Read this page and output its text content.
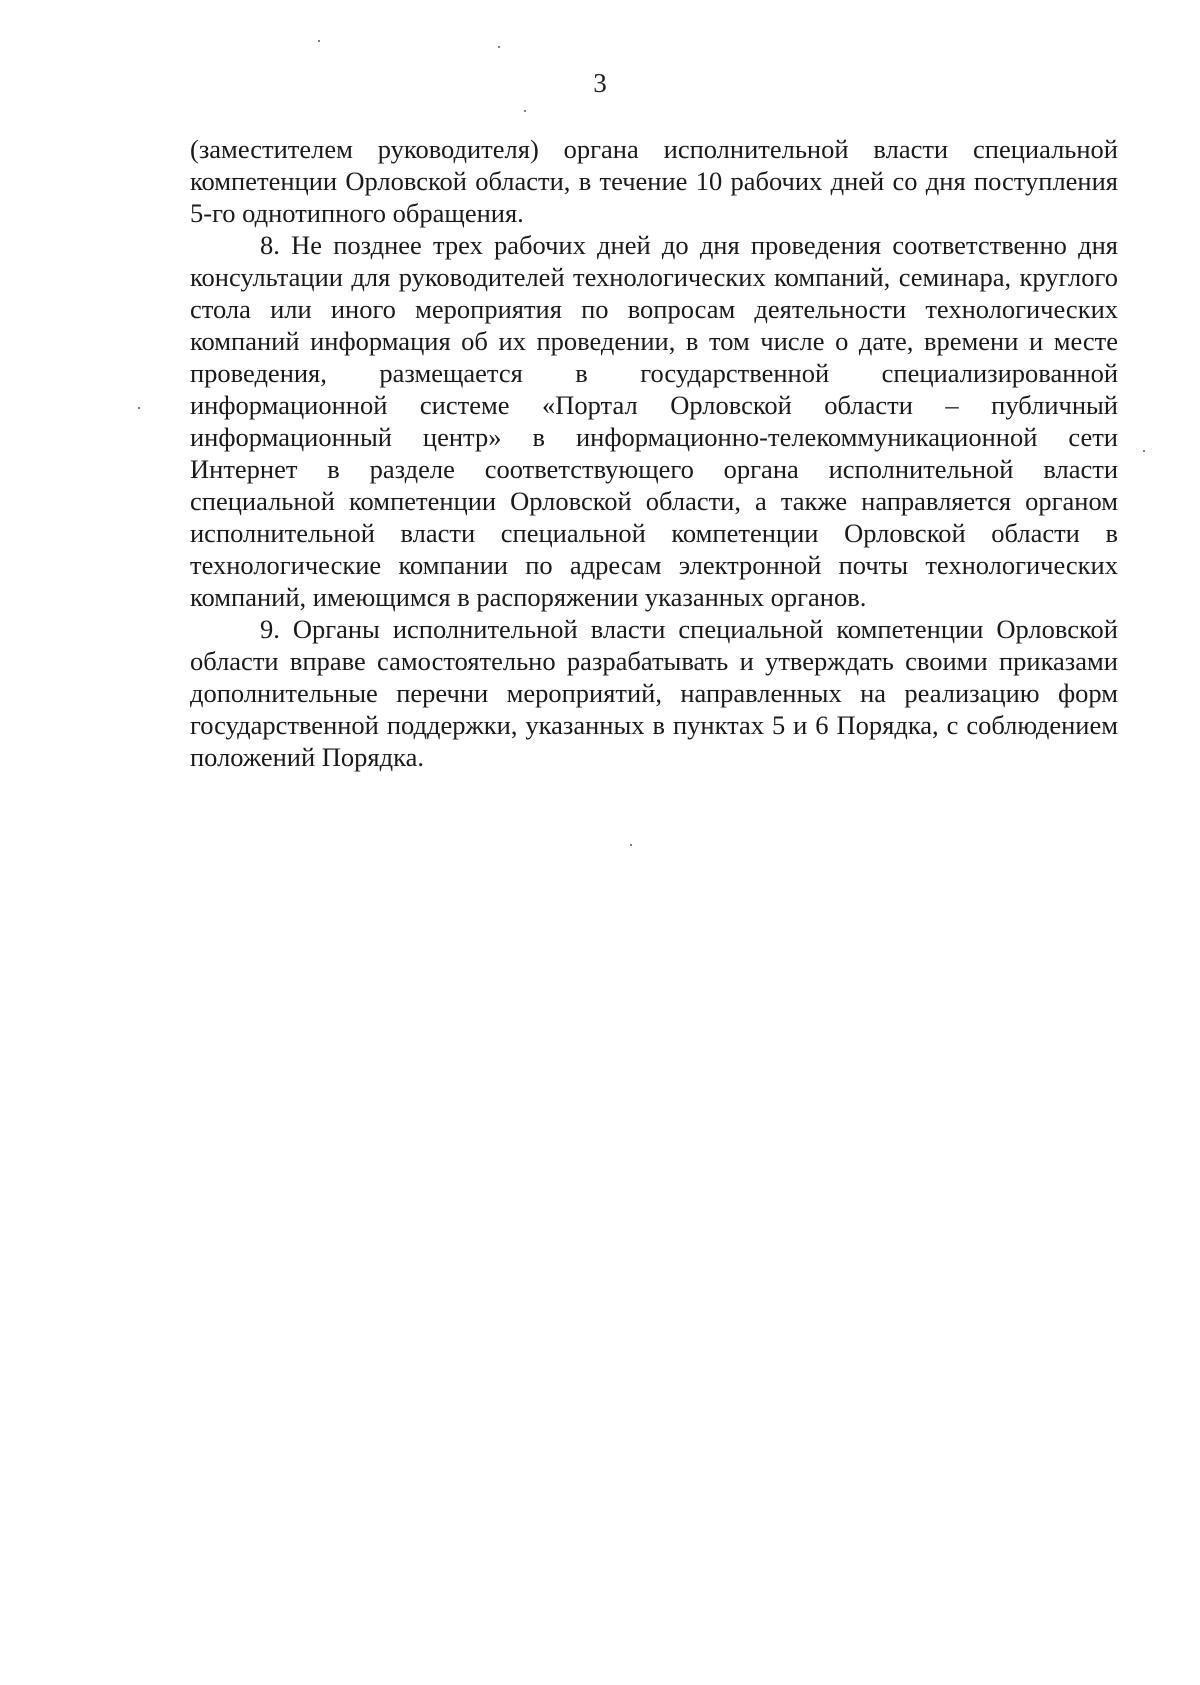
3

(заместителем руководителя) органа исполнительной власти специальной компетенции Орловской области, в течение 10 рабочих дней со дня поступления 5-го однотипного обращения.

8. Не позднее трех рабочих дней до дня проведения соответственно дня консультации для руководителей технологических компаний, семинара, круглого стола или иного мероприятия по вопросам деятельности технологических компаний информация об их проведении, в том числе о дате, времени и месте проведения, размещается в государственной специализированной информационной системе «Портал Орловской области – публичный информационный центр» в информационно-телекоммуникационной сети Интернет в разделе соответствующего органа исполнительной власти специальной компетенции Орловской области, а также направляется органом исполнительной власти специальной компетенции Орловской области в технологические компании по адресам электронной почты технологических компаний, имеющимся в распоряжении указанных органов.

9. Органы исполнительной власти специальной компетенции Орловской области вправе самостоятельно разрабатывать и утверждать своими приказами дополнительные перечни мероприятий, направленных на реализацию форм государственной поддержки, указанных в пунктах 5 и 6 Порядка, с соблюдением положений Порядка.
